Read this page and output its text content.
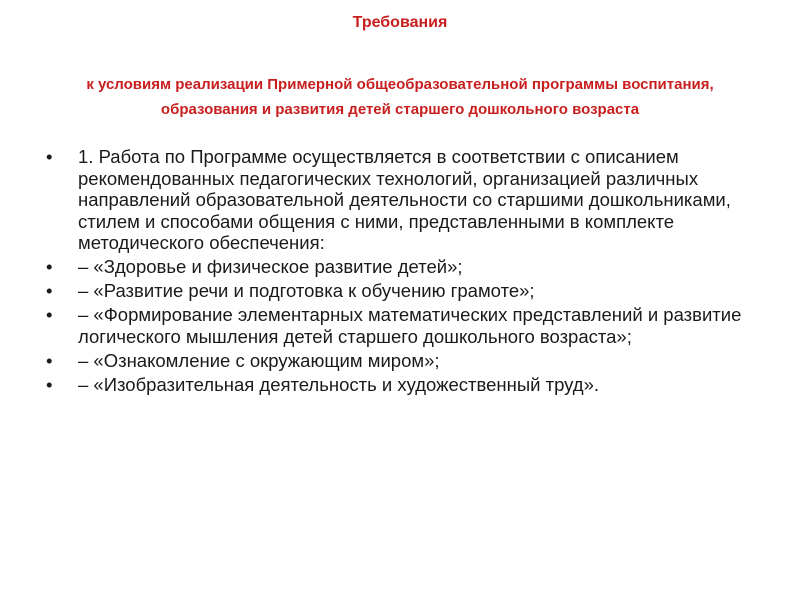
Требования

к условиям реализации Примерной общеобразовательной программы воспитания, образования и развития детей старшего дошкольного возраста

•	1. Работа по Программе осуществляется в соответствии с описанием рекомендованных педагогических технологий, организацией различных направлений образовательной деятельности со старшими дошкольниками, стилем и способами общения с ними, представленными в комплекте методического обеспечения:
•	– «Здоровье и физическое развитие детей»;
•	– «Развитие речи и подготовка к обучению грамоте»;
•	– «Формирование элементарных математических представлений и развитие логического мышления детей старшего дошкольного возраста»;
•	– «Ознакомление с окружающим миром»;
•	– «Изобразительная деятельность и художественный труд».
